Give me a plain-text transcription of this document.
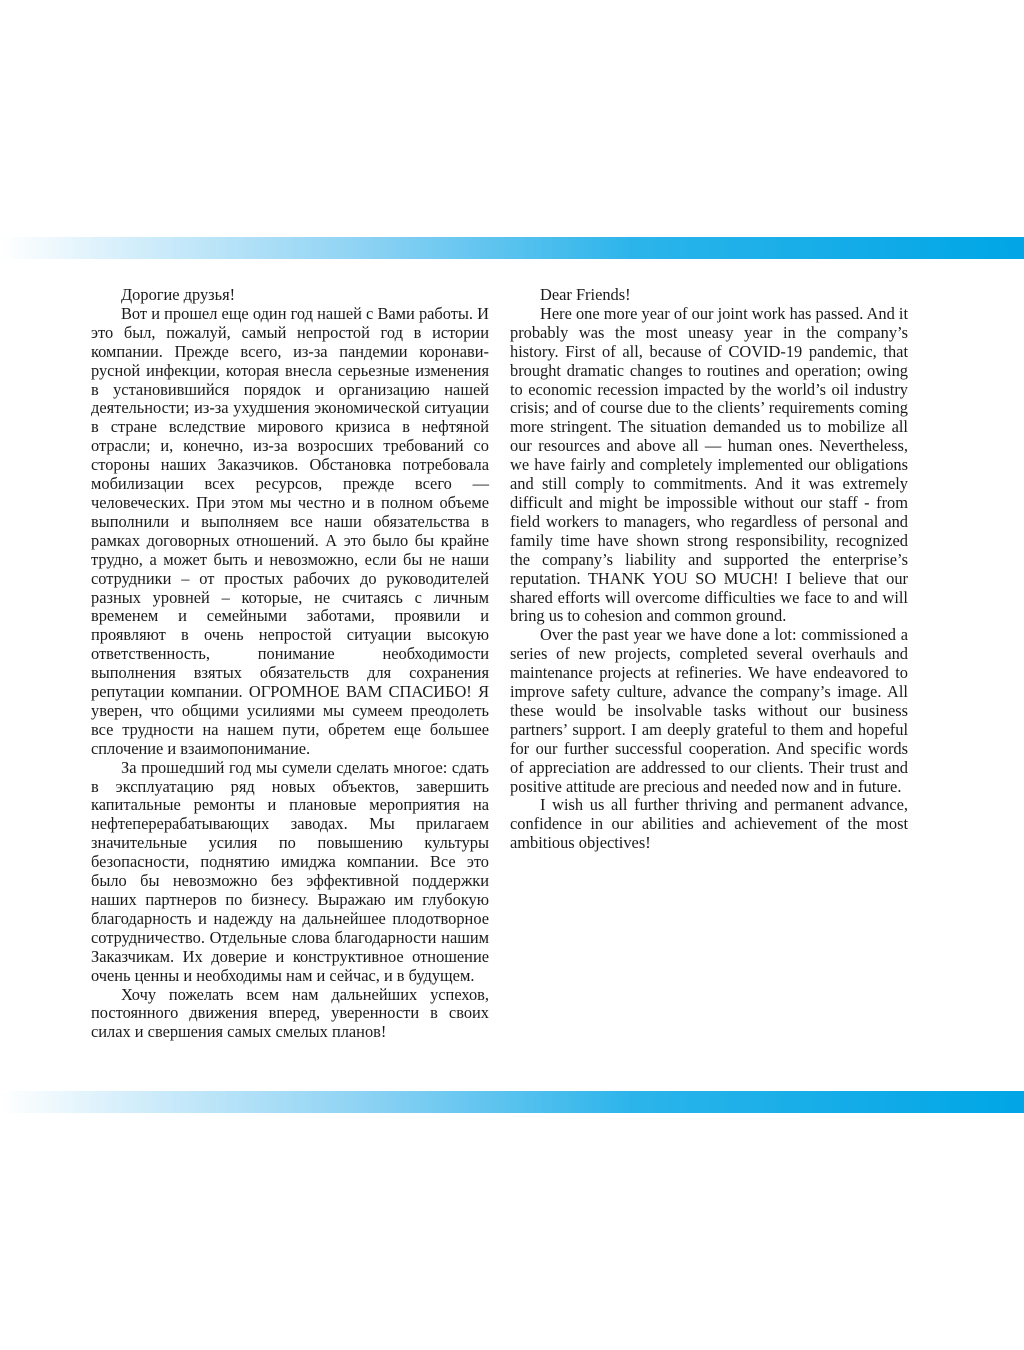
Дорогие друзья!

Вот и прошел еще один год нашей с Вами работы. И это был, пожалуй, самый непростой год в истории компании. Прежде всего, из-за пандемии коронавирусной инфекции, которая внесла серьезные изменения в установившийся порядок и организацию нашей деятельности; из-за ухудшения экономической ситуации в стране вследствие мирового кризиса в нефтяной отрасли; и, конечно, из-за возросших требований со стороны наших Заказчиков. Обстановка потребовала мобилизации всех ресурсов, прежде всего — человеческих. При этом мы честно и в полном объеме выполнили и выполняем все наши обязательства в рамках договорных отношений. А это было бы крайне трудно, а может быть и невозможно, если бы не наши сотрудники – от простых рабочих до руководителей разных уровней – которые, не считаясь с личным временем и семейными заботами, проявили и проявляют в очень непростой ситуации высокую ответственность, понимание необходимости выполнения взятых обязательств для сохранения репутации компании. ОГРОМНОЕ ВАМ СПАСИБО! Я уверен, что общими усилиями мы сумеем преодолеть все трудности на нашем пути, обретем еще большее сплочение и взаимопонимание.

За прошедший год мы сумели сделать многое: сдать в эксплуатацию ряд новых объектов, завершить капитальные ремонты и плановые мероприятия на нефтеперерабатывающих заводах. Мы прилагаем значительные усилия по повышению культуры безопасности, поднятию имиджа компании. Все это было бы невозможно без эффективной поддержки наших партнеров по бизнесу. Выражаю им глубокую благодарность и надежду на дальнейшее плодотворное сотрудничество. Отдельные слова благодарности нашим Заказчикам. Их доверие и конструктивное отношение очень ценны и необходимы нам и сейчас, и в будущем.

Хочу пожелать всем нам дальнейших успехов, постоянного движения вперед, уверенности в своих силах и свершения самых смелых планов!

Dear Friends!

Here one more year of our joint work has passed. And it probably was the most uneasy year in the company’s history. First of all, because of COVID-19 pandemic, that brought dramatic changes to routines and operation; owing to economic recession impacted by the world’s oil industry crisis; and of course due to the clients’ requirements coming more stringent. The situation demanded us to mobilize all our resources and above all — human ones. Nevertheless, we have fairly and completely implemented our obligations and still comply to commitments. And it was extremely difficult and might be impossible without our staff - from field workers to managers, who regardless of personal and family time have shown strong responsibility, recognized the company’s liability and supported the enterprise’s reputation. THANK YOU SO MUCH! I believe that our shared efforts will overcome difficulties we face to and will bring us to cohesion and common ground.

Over the past year we have done a lot: commissioned a series of new projects, completed several overhauls and maintenance projects at refineries. We have endeavored to improve safety culture, advance the company’s image. All these would be insolvable tasks without our business partners’ support. I am deeply grateful to them and hopeful for our further successful cooperation. And specific words of appreciation are addressed to our clients. Their trust and positive attitude are precious and needed now and in future.

I wish us all further thriving and permanent advance, confidence in our abilities and achievement of the most ambitious objectives!
